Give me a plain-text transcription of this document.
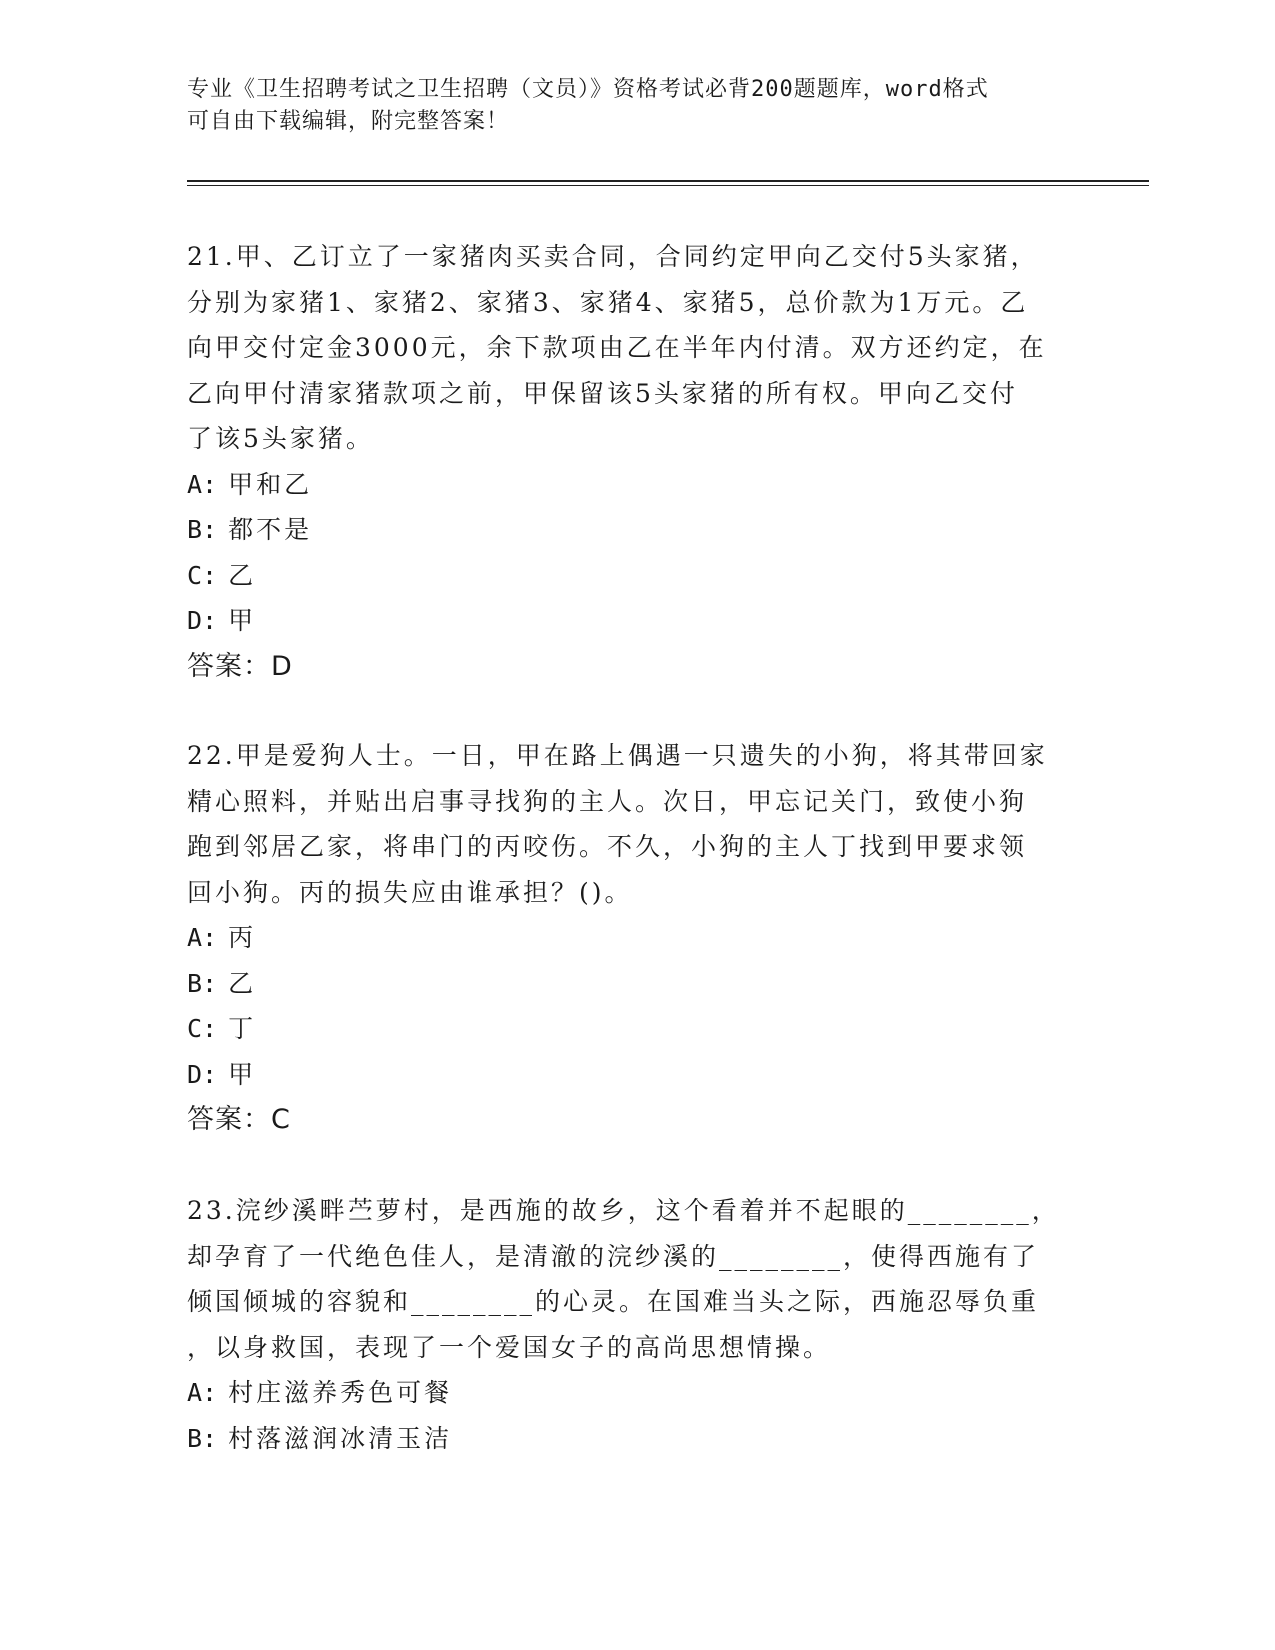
专业《卫生招聘考试之卫生招聘（文员）》资格考试必背200题题库，word格式
可自由下载编辑，附完整答案！

21.甲、乙订立了一家猪肉买卖合同，合同约定甲向乙交付5头家猪，

分别为家猪1、家猪2、家猪3、家猪4、家猪5，总价款为1万元。乙

向甲交付定金3000元，余下款项由乙在半年内付清。双方还约定，在

乙向甲付清家猪款项之前，甲保留该5头家猪的所有权。甲向乙交付

了该5头家猪。

A: 甲和乙

B: 都不是

C: 乙

D: 甲

答案：D

22.甲是爱狗人士。一日，甲在路上偶遇一只遗失的小狗，将其带回家

精心照料，并贴出启事寻找狗的主人。次日，甲忘记关门，致使小狗

跑到邻居乙家，将串门的丙咬伤。不久，小狗的主人丁找到甲要求领

回小狗。丙的损失应由谁承担？()。

A: 丙

B: 乙

C: 丁

D: 甲

答案：C

23.浣纱溪畔苎萝村，是西施的故乡，这个看着并不起眼的________，

却孕育了一代绝色佳人，是清澈的浣纱溪的________，使得西施有了

倾国倾城的容貌和________的心灵。在国难当头之际，西施忍辱负重

，以身救国，表现了一个爱国女子的高尚思想情操。

A: 村庄滋养秀色可餐

B: 村落滋润冰清玉洁
